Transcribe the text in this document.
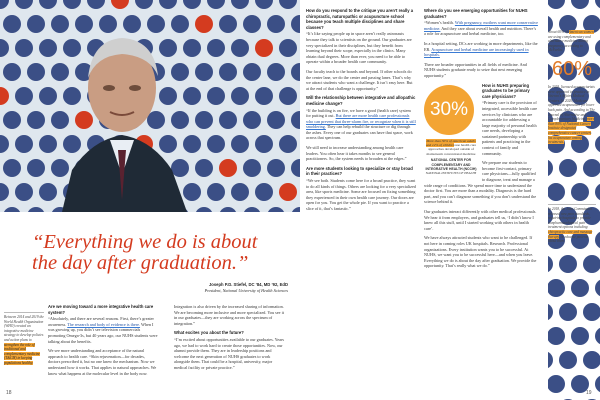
“Everything we do is about the day after graduation.”
Joseph P.D. Stiefel, DC ’84, MD ’92, EdD
President, National University of Health Sciences
Between 2014 and 2019 the World Health Organization (WHO) created an integrative medicine strategy to develop policies and action plans to strengthen the role of traditional and complementary medicine (T&CM) in keeping populations healthy.

Are we moving toward a more integrative health care system?

“Absolutely, and there are several reasons. First, there’s greater awareness. The research and body of evidence is there. When I was growing up, you didn’t see television commercials promoting Omega-3s, but 40 years ago, our NUHS students were talking about the benefits.

We see more understanding and acceptance of the natural approach to health care. “Skin rejuvenation—for decades, doctors prescribed it, but no one knew the mechanism. Now we understand how it works. That applies to natural approaches. We know what happens at the molecular level in the body now.

Integration is also driven by the increased sharing of information. We are becoming more inclusive and more specialized. You see it in our graduates—they are working across the spectrum of integration.”

What excites you about the future?

“I’m excited about opportunities available to our graduates. Years ago, we had to work hard to create those opportunities. Now, our alumni provide them. They are in leadership positions and welcome the next generation of NUHS graduates to work alongside them. That could be a hospital, university, major medical facility or private practice.”

18

How do you respond to the critique you aren’t really a chiropractic, naturopathic or acupuncture school because you teach multiple disciplines and share classes?

“It’s like saying people up in space aren’t really astronauts because they talk to scientists on the ground. Our graduates are very specialized in their disciplines, but they benefit from learning beyond their scope, especially in the clinics. Many obtain dual degrees. More than ever, you need to be able to operate within a broader health care community.

Our faculty teach to the boards and beyond. If other schools do the center lane, we do the center and passing lanes. That’s why we attract students who want a challenge. It isn’t easy here. But at the end of that challenge is opportunity.”

Will the relationship between integrative and allopathic medicine change?

“If the building is on fire, we have a good (health care) system for putting it out. But there are more health care professionals who can prevent that three-alarm fire, or recognize when it is still smoldering. They can help rebuild the structure or dig through the ashes. Every one of our graduates can have that space, work across that spectrum.

We still need to increase understanding among health care leaders. You often hear it takes months to see general practitioners. So, the system needs to broaden at the edges.”

Are more students looking to specialize or stay broad in their practices?

“We see both. Students come here for a broad practice, they want to do all kinds of things. Others are looking for a very specialized area, like sports medicine. Some are focused on fixing something they experienced in their own health care journey. Our doors are open for you. You get the whole pie. If you want to practice a slice of it, that’s fantastic.”

Where do you see emerging opportunities for NUHS graduates?

“Women’s health. With pregnancy, mothers want more conservative medicine. And they care about overall health and nutrition. There’s a role for acupuncture and herbal medicine, too.

In a hospital setting, DCs are working in more departments, like the ER. Acupuncture and herbal medicine are increasingly used in hospitals.

There are broader opportunities in all fields of medicine. And NUHS students graduate ready to seize that next emerging opportunity.”

30%
More than 30% of American adults and 12% of children use health care approaches developed outside of mainstream conventional medicine
NATIONAL CENTER FOR COMPLEMENTARY AND INTEGRATIVE HEALTH (NCCIH)
NATIONAL INSTITUTES OF HEALTH

How is NUHS preparing graduates to be primary care physicians?

“Primary care is the provision of integrated, accessible health care services by clinicians who are accountable for addressing a large majority of personal health care needs, developing a sustained partnership with patients and practicing in the context of family and community.

We prepare our students to become first-contact, primary care physicians—fully qualified to diagnose, treat and manage a wide range of conditions. We spend more time to understand the doctor first. You are more than a modality. Diagnosis is the hard part, and you can’t diagnose something if you don’t understand the science behind it.

Our graduates interact differently with other medical professionals. We hear it from employers, and graduates tell us, ‘I didn’t know I knew all this stuff, until I started working with others in health care’.

We have always attracted students who want to be challenged. If not here in coming roles UK hospitals. Research. Professional organizations. Every institution wants you to be successful. At NUHS, we want you to be successful here—and when you leave. Everything we do is about the day after graduation. We provide the opportunity. That’s really what we do.”

About 60% of American women are using complementary and alternative medicine during pregnancy, according to McFarlin.
60%
In 2018, licensed acupuncturists were approved to practice in Veteran’s Affairs Medical Centers. In 2020, Medicare approved acupuncture for lower back pain. And according to The Journal of Alternative and Complementary Medicine, more than 80% of National Cancer Institute designated comprehensive cancer centers list acupuncture among treatments.
In 2018, the Joint Commission released new pain standards, requiring hospitals to provide nonpharmacological pain treatment options including chiropractic care and massage therapy, or educate patients about them.
19
